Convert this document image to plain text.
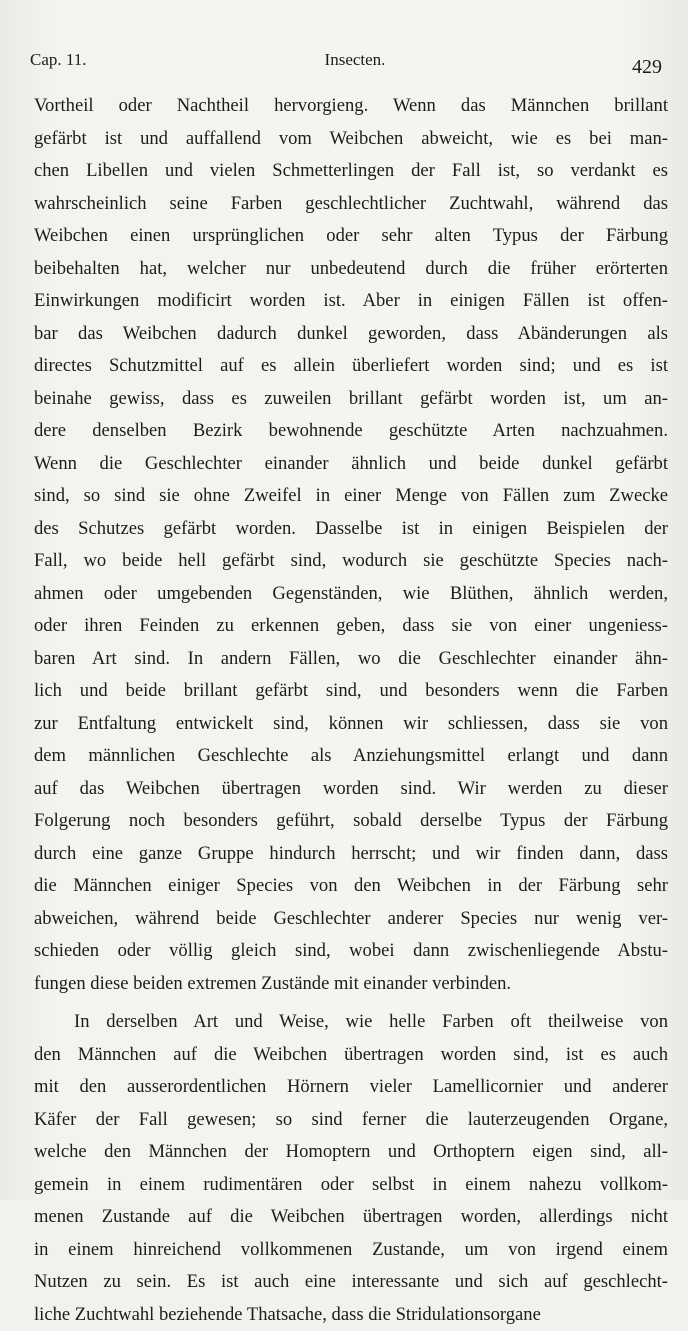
Cap. 11.	Insecten.	429
Vortheil oder Nachtheil hervorgieng. Wenn das Männchen brillant
gefärbt ist und auffallend vom Weibchen abweicht, wie es bei man-
chen Libellen und vielen Schmetterlingen der Fall ist, so verdankt es
wahrscheinlich seine Farben geschlechtlicher Zuchtwahl, während das
Weibchen einen ursprünglichen oder sehr alten Typus der Färbung
beibehalten hat, welcher nur unbedeutend durch die früher erörterten
Einwirkungen modificirt worden ist. Aber in einigen Fällen ist offen-
bar das Weibchen dadurch dunkel geworden, dass Abänderungen als
directes Schutzmittel auf es allein überliefert worden sind; und es ist
beinahe gewiss, dass es zuweilen brillant gefärbt worden ist, um an-
dere denselben Bezirk bewohnende geschützte Arten nachzuahmen.
Wenn die Geschlechter einander ähnlich und beide dunkel gefärbt
sind, so sind sie ohne Zweifel in einer Menge von Fällen zum Zwecke
des Schutzes gefärbt worden. Dasselbe ist in einigen Beispielen der
Fall, wo beide hell gefärbt sind, wodurch sie geschützte Species nach-
ahmen oder umgebenden Gegenständen, wie Blüthen, ähnlich werden,
oder ihren Feinden zu erkennen geben, dass sie von einer ungeniess-
baren Art sind. In andern Fällen, wo die Geschlechter einander ähn-
lich und beide brillant gefärbt sind, und besonders wenn die Farben
zur Entfaltung entwickelt sind, können wir schliessen, dass sie von
dem männlichen Geschlechte als Anziehungsmittel erlangt und dann
auf das Weibchen übertragen worden sind. Wir werden zu dieser
Folgerung noch besonders geführt, sobald derselbe Typus der Färbung
durch eine ganze Gruppe hindurch herrscht; und wir finden dann, dass
die Männchen einiger Species von den Weibchen in der Färbung sehr
abweichen, während beide Geschlechter anderer Species nur wenig ver-
schieden oder völlig gleich sind, wobei dann zwischenliegende Abstu-
fungen diese beiden extremen Zustände mit einander verbinden.
In derselben Art und Weise, wie helle Farben oft theilweise von
den Männchen auf die Weibchen übertragen worden sind, ist es auch
mit den ausserordentlichen Hörnern vieler Lamellicornier und anderer
Käfer der Fall gewesen; so sind ferner die lauterzeugenden Organe,
welche den Männchen der Homoptern und Orthoptern eigen sind, all-
gemein in einem rudimentären oder selbst in einem nahezu vollkom-
menen Zustande auf die Weibchen übertragen worden, allerdings nicht
in einem hinreichend vollkommenen Zustande, um von irgend einem
Nutzen zu sein. Es ist auch eine interessante und sich auf geschlecht-
liche Zuchtwahl beziehende Thatsache, dass die Stridulationsorgane
